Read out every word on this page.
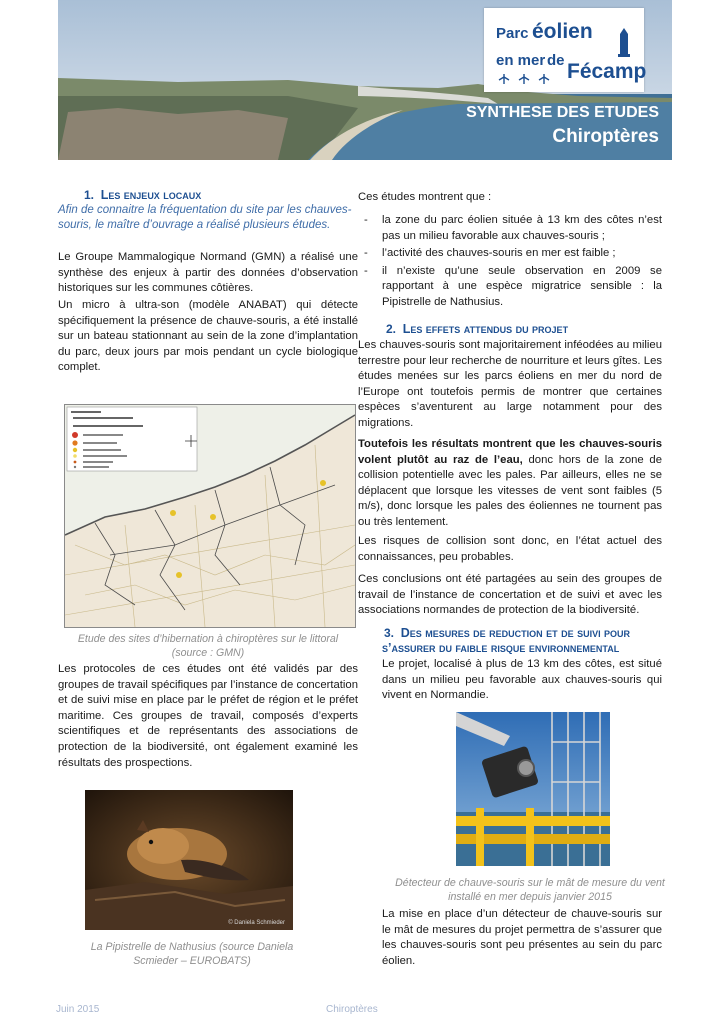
Parc éolien
en mer de Fécamp
SYNTHESE DES ETUDES
Chiroptères
1. Les enjeux locaux
Afin de connaitre la fréquentation du site par les chauves-souris, le maître d’ouvrage a réalisé plusieurs études.
Le Groupe Mammalogique Normand (GMN) a réalisé une synthèse des enjeux à partir des données d’observation historiques sur les communes côtières.
Un micro à ultra-son (modèle ANABAT) qui détecte spécifiquement la présence de chauve-souris, a été installé sur un bateau stationnant au sein de la zone d’implantation du parc, deux jours par mois pendant un cycle biologique complet.
Etude des sites d’hibernation à chiroptères sur le littoral
(source : GMN)
Les protocoles de ces études ont été validés par des groupes de travail spécifiques par l’instance de concertation et de suivi mise en place par le préfet de région et le préfet maritime. Ces groupes de travail, composés d’experts scientifiques et de représentants des associations de protection de la biodiversité, ont également examiné les résultats des prospections.
© Daniela Schmieder
La Pipistrelle de Nathusius (source Daniela Scmieder – EUROBATS)
Ces études montrent que :
- la zone du parc éolien située à 13 km des côtes n’est pas un milieu favorable aux chauves-souris ;
- l’activité des chauves-souris en mer est faible ;
- il n’existe qu’une seule observation en 2009 se rapportant à une espèce migratrice sensible : la Pipistrelle de Nathusius.
2. Les effets attendus du projet
Les chauves-souris sont majoritairement inféodées au milieu terrestre pour leur recherche de nourriture et leurs gîtes. Les études menées sur les parcs éoliens en mer du nord de l’Europe ont toutefois permis de montrer que certaines espèces s’aventurent au large notamment pour des migrations.
Toutefois les résultats montrent que les chauves-souris volent plutôt au raz de l’eau, donc hors de la zone de collision potentielle avec les pales. Par ailleurs, elles ne se déplacent que lorsque les vitesses de vent sont faibles (5 m/s), donc lorsque les pales des éoliennes ne tournent pas ou très lentement.
Les risques de collision sont donc, en l’état actuel des connaissances, peu probables.
Ces conclusions ont été partagées au sein des groupes de travail de l’instance de concertation et de suivi et avec les associations normandes de protection de la biodiversité.
3. Des mesures de reduction et de suivi pour
s’assurer du faible risque environnemental
Le projet, localisé à plus de 13 km des côtes, est situé dans un milieu peu favorable aux chauves-souris qui vivent en Normandie.
Détecteur de chauve-souris sur le mât de mesure du vent installé en mer depuis janvier 2015
La mise en place d’un détecteur de chauve-souris sur le mât de mesures du projet permettra de s’assurer que les chauves-souris sont peu présentes au sein du parc éolien.
Juin 2015	Chiroptères
